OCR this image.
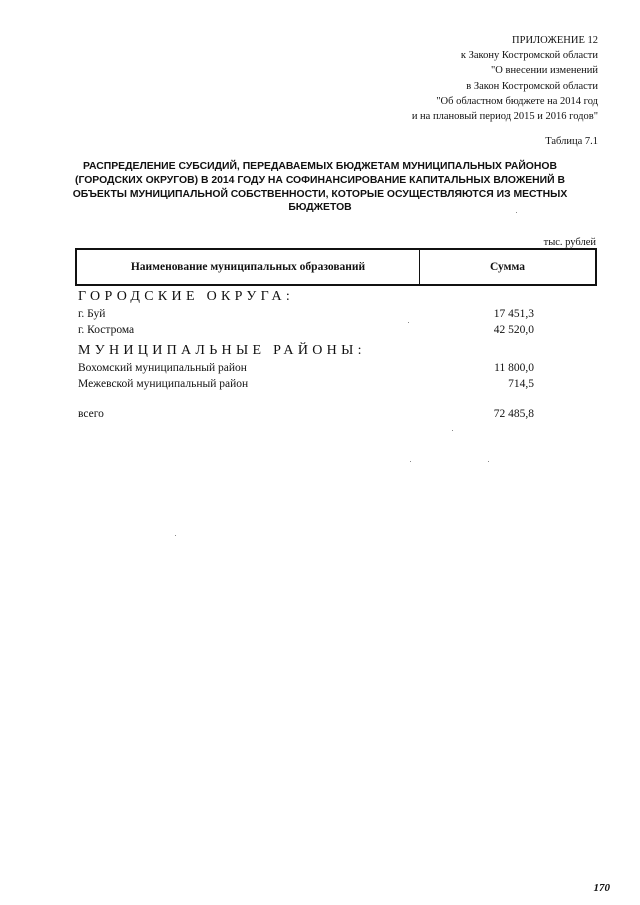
ПРИЛОЖЕНИЕ 12
к Закону Костромской области
"О внесении изменений
в Закон Костромской области
"Об областном бюджете на 2014 год
и на плановый период 2015 и 2016 годов"
Таблица 7.1
РАСПРЕДЕЛЕНИЕ СУБСИДИЙ, ПЕРЕДАВАЕМЫХ БЮДЖЕТАМ МУНИЦИПАЛЬНЫХ РАЙОНОВ (ГОРОДСКИХ ОКРУГОВ) В 2014 ГОДУ НА СОФИНАНСИРОВАНИЕ КАПИТАЛЬНЫХ ВЛОЖЕНИЙ В ОБЪЕКТЫ МУНИЦИПАЛЬНОЙ СОБСТВЕННОСТИ, КОТОРЫЕ ОСУЩЕСТВЛЯЮТСЯ ИЗ МЕСТНЫХ БЮДЖЕТОВ
тыс. рублей
Наименование муниципальных образований	Сумма
ГОРОДСКИЕ ОКРУГА:
г. Буй	17 451,3
г. Кострома	42 520,0
МУНИЦИПАЛЬНЫЕ РАЙОНЫ:
Вохомский муниципальный район	11 800,0
Межевской муниципальный район	714,5
всего	72 485,8
170
